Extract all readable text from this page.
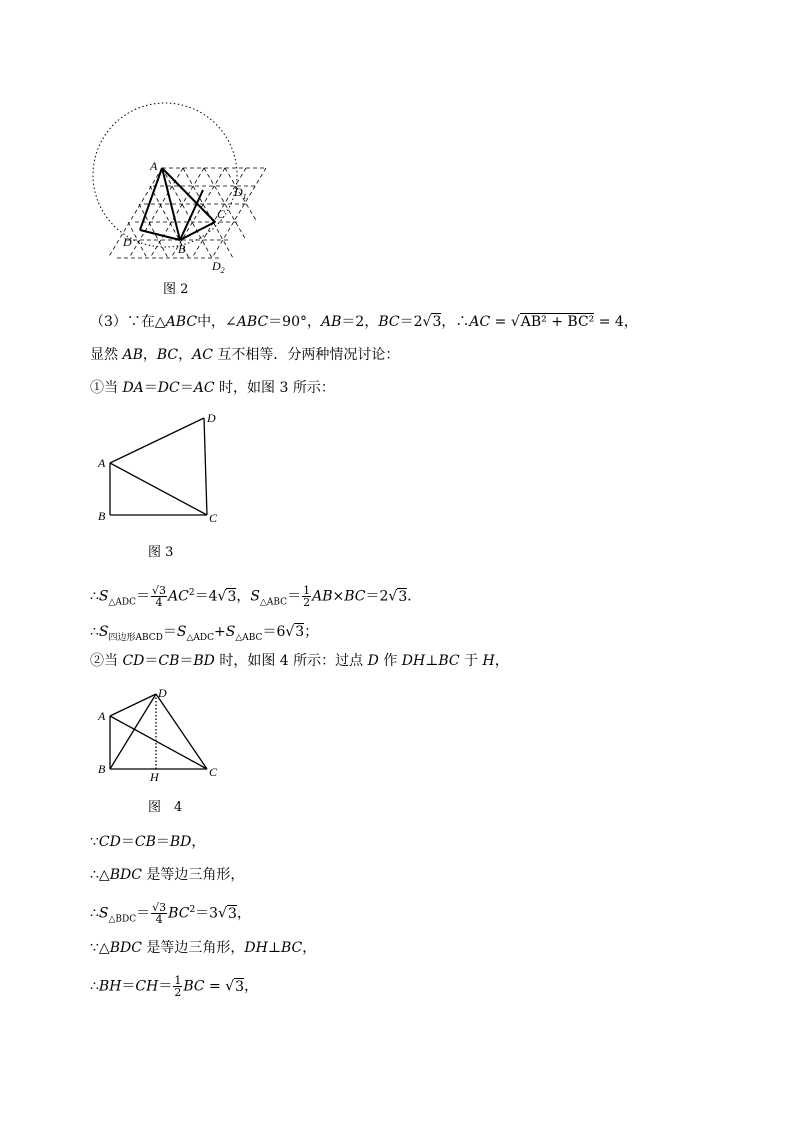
A
B
C
D
$D_1$
$D_2$
图 2
（3）∵在△ABC中，∠ABC＝90°，AB＝2，BC＝2√3，∴AC = √AB² + BC² = 4，
显然 AB，BC，AC 互不相等．分两种情况讨论：
①当 DA＝DC＝AC 时，如图 3 所示：
A
B	C
D
图 3
$\therefore S_{\triangle ADC}= \frac{√3}{4} AC^2=4√3$，$S_{\triangle ABC}= \frac{1}{2} AB\times BC=2√3$．
$\therefore S_{四边形ABCD}=S_{\triangle ADC}+S_{\triangle ABC}=6√3$；
②当 CD＝CB＝BD 时，如图 4 所示：过点 D 作 DH⊥BC 于 H，
A
B	C
D
H
图　4
∵CD＝CB＝BD，
∴△BDC 是等边三角形，
$\therefore S_{\triangle BDC}= \frac{√3}{4} BC^2=3√3$，
∵△BDC 是等边三角形，DH⊥BC，
∴BH＝CH＝ $\frac{1}{2}$ BC = √3，
